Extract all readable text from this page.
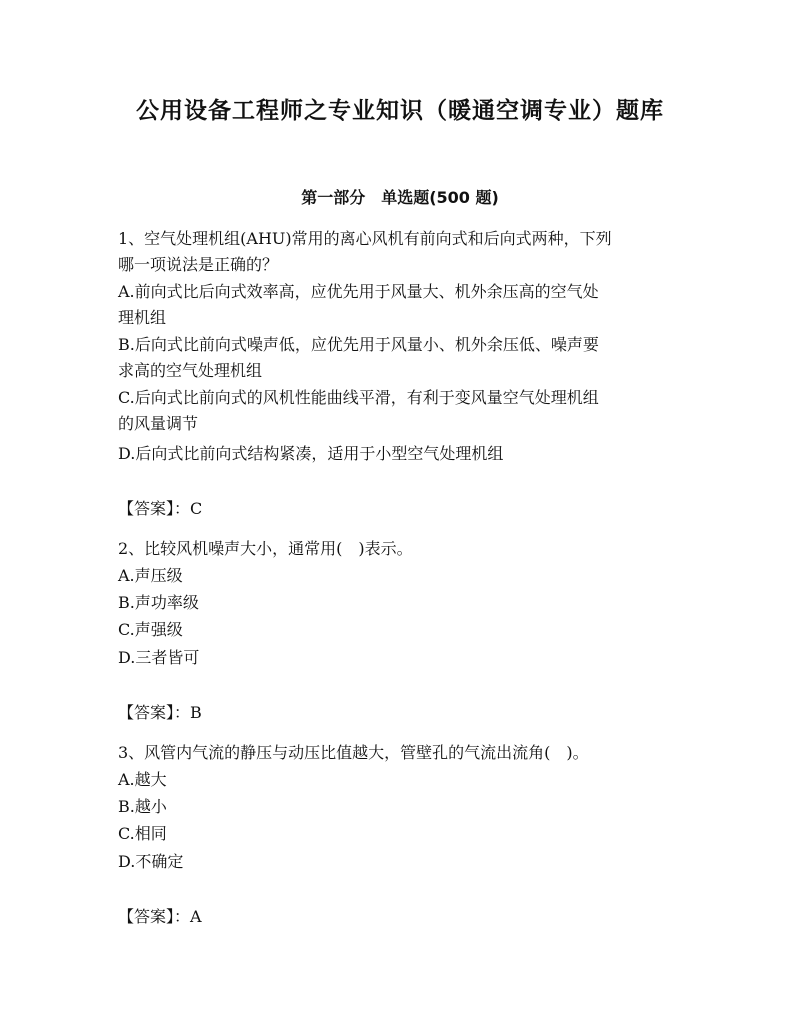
公用设备工程师之专业知识（暖通空调专业）题库
第一部分　单选题(500 题)
1、空气处理机组(AHU)常用的离心风机有前向式和后向式两种，下列
哪一项说法是正确的？
A.前向式比后向式效率高，应优先用于风量大、机外余压高的空气处
理机组
B.后向式比前向式噪声低，应优先用于风量小、机外余压低、噪声要
求高的空气处理机组
C.后向式比前向式的风机性能曲线平滑，有利于变风量空气处理机组
的风量调节
D.后向式比前向式结构紧凑，适用于小型空气处理机组
【答案】：C
2、比较风机噪声大小，通常用(　)表示。
A.声压级
B.声功率级
C.声强级
D.三者皆可
【答案】：B
3、风管内气流的静压与动压比值越大，管壁孔的气流出流角(　)。
A.越大
B.越小
C.相同
D.不确定
【答案】：A
